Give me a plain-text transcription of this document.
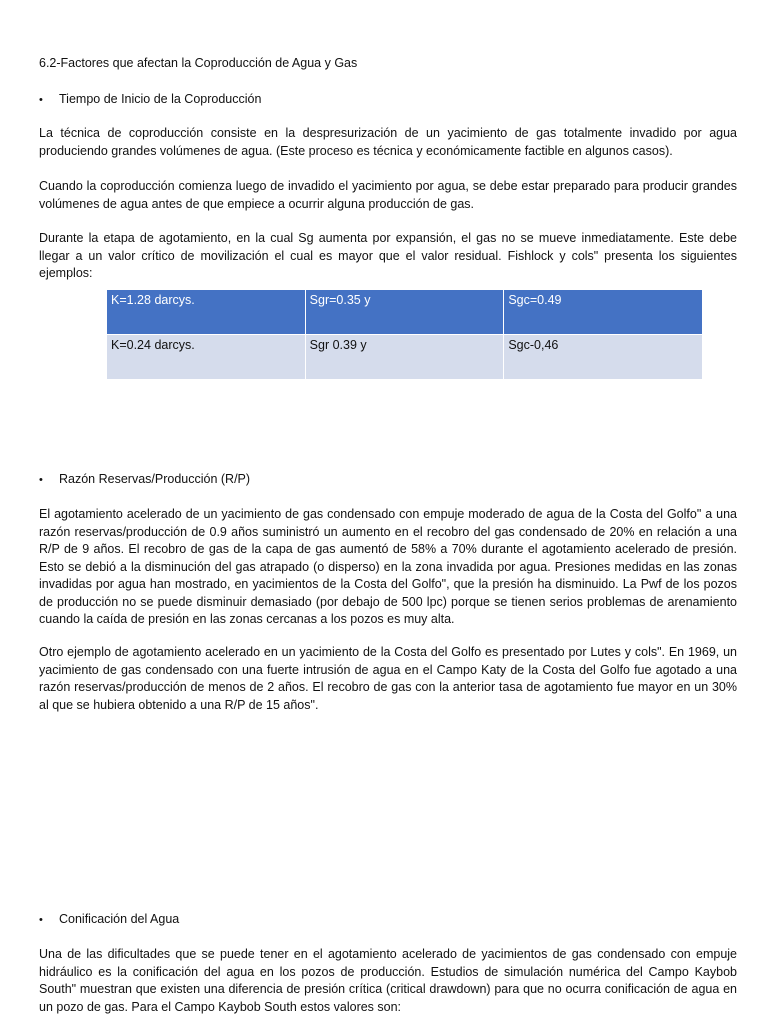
6.2-Factores que afectan la Coproducción de Agua y Gas
•	Tiempo de Inicio de la Coproducción
La técnica de coproducción consiste en la despresurización de un yacimiento de gas totalmente invadido por agua produciendo grandes volúmenes de agua. (Este proceso es técnica y económicamente factible en algunos casos).
Cuando la coproducción comienza luego de invadido el yacimiento por agua, se debe estar preparado para producir grandes volúmenes de agua antes de que empiece a ocurrir alguna producción de gas.
Durante la etapa de agotamiento, en la cual Sg aumenta por expansión, el gas no se mueve inmediatamente. Este debe llegar a un valor crítico de movilización el cual es mayor que el valor residual. Fishlock y cols" presenta los siguientes ejemplos:
K=1.28 darcys.	Sgr=0.35 y	Sgc=0.49
K=0.24 darcys.	Sgr 0.39 y	Sgc-0,46
•	Razón Reservas/Producción (R/P)
El agotamiento acelerado de un yacimiento de gas condensado con empuje moderado de agua de la Costa del Golfo" a una razón reservas/producción de 0.9 años suministró un aumento en el recobro del gas condensado de 20% en relación a una R/P de 9 años. El recobro de gas de la capa de gas aumentó de 58% a 70% durante el agotamiento acelerado de presión. Esto se debió a la disminución del gas atrapado (o disperso) en la zona invadida por agua. Presiones medidas en las zonas invadidas por agua han mostrado, en yacimientos de la Costa del Golfo", que la presión ha disminuido. La Pwf de los pozos de producción no se puede disminuir demasiado (por debajo de 500 lpc) porque se tienen serios problemas de arenamiento cuando la caída de presión en las zonas cercanas a los pozos es muy alta.
Otro ejemplo de agotamiento acelerado en un yacimiento de la Costa del Golfo es presentado por Lutes y cols". En 1969, un yacimiento de gas condensado con una fuerte intrusión de agua en el Campo Katy de la Costa del Golfo fue agotado a una razón reservas/producción de menos de 2 años. El recobro de gas con la anterior tasa de agotamiento fue mayor en un 30% al que se hubiera obtenido a una R/P de 15 años".
•	Conificación del Agua
Una de las dificultades que se puede tener en el agotamiento acelerado de yacimientos de gas condensado con empuje hidráulico es la conificación del agua en los pozos de producción. Estudios de simulación numérica del Campo Kaybob South" muestran que existen una diferencia de presión crítica (critical drawdown) para que no ocurra conificación de agua en un pozo de gas. Para el Campo Kaybob South estos valores son:
